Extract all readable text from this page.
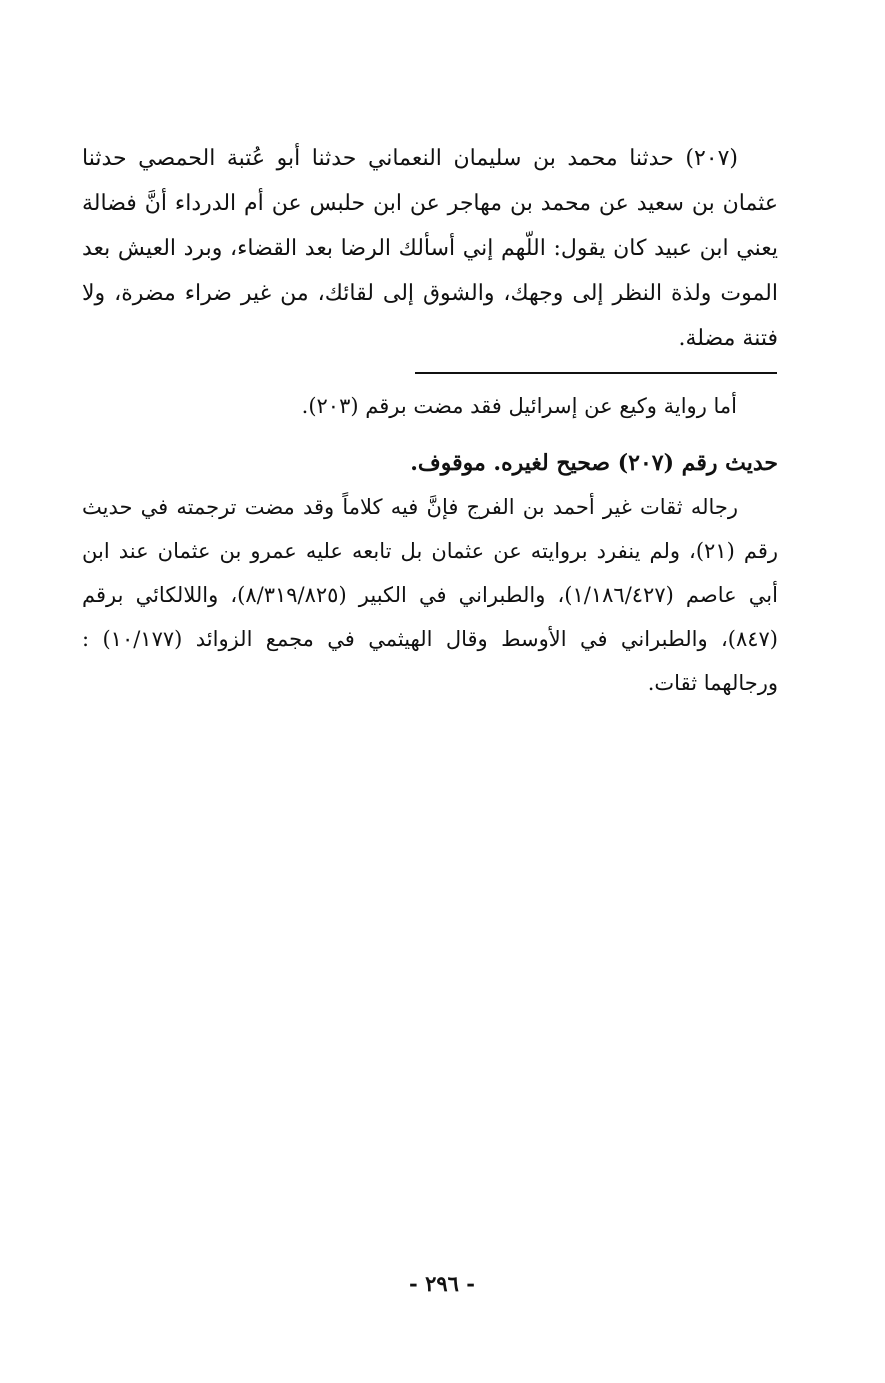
(٢٠٧) حدثنا محمد بن سليمان النعماني حدثنا أبو عُتبة الحمصي حدثنا عثمان بن سعيد عن محمد بن مهاجر عن ابن حلبس عن أم الدرداء أنَّ فضالة يعني ابن عبيد كان يقول: اللّهم إني أسألك الرضا بعد القضاء، وبرد العيش بعد الموت ولذة النظر إلى وجهك، والشوق إلى لقائك، من غير ضراء مضرة، ولا فتنة مضلة.

أما رواية وكيع عن إسرائيل فقد مضت برقم (٢٠٣).

حديث رقم (٢٠٧) صحيح لغيره. موقوف.

رجاله ثقات غير أحمد بن الفرج فإنَّ فيه كلاماً وقد مضت ترجمته في حديث رقم (٢١)، ولم ينفرد بروايته عن عثمان بل تابعه عليه عمرو بن عثمان عند ابن أبي عاصم (١/١٨٦/٤٢٧)، والطبراني في الكبير (٨/٣١٩/٨٢٥)، واللالكائي برقم (٨٤٧)، والطبراني في الأوسط وقال الهيثمي في مجمع الزوائد (١٠/١٧٧) : ورجالهما ثقات.

- ٢٩٦ -
